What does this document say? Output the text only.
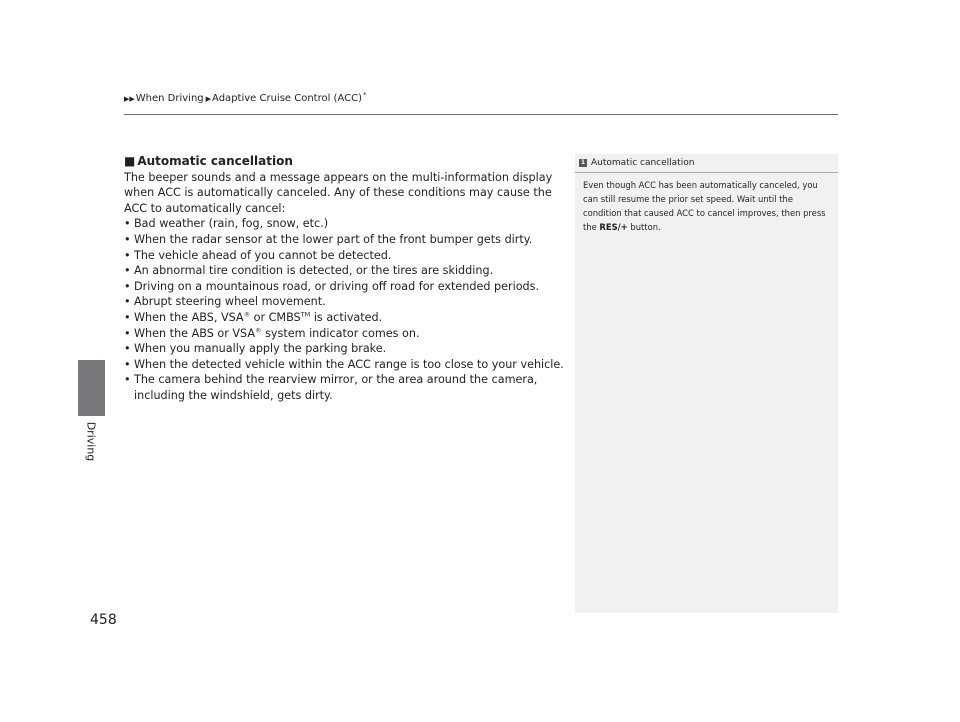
▶▶ When Driving ▶ Adaptive Cruise Control (ACC) *
Driving
458

■ Automatic cancellation

The beeper sounds and a message appears on the multi-information display when ACC is automatically canceled. Any of these conditions may cause the ACC to automatically cancel:

• Bad weather (rain, fog, snow, etc.)
• When the radar sensor at the lower part of the front bumper gets dirty.
• The vehicle ahead of you cannot be detected.
• An abnormal tire condition is detected, or the tires are skidding.
• Driving on a mountainous road, or driving off road for extended periods.
• Abrupt steering wheel movement.
• When the ABS, VSA® or CMBS™ is activated.
• When the ABS or VSA® system indicator comes on.
• When you manually apply the parking brake.
• When the detected vehicle within the ACC range is too close to your vehicle.
• The camera behind the rearview mirror, or the area around the camera, including the windshield, gets dirty.
1 Automatic cancellation
Even though ACC has been automatically canceled, you can still resume the prior set speed. Wait until the condition that caused ACC to cancel improves, then press the RES/+ button.
